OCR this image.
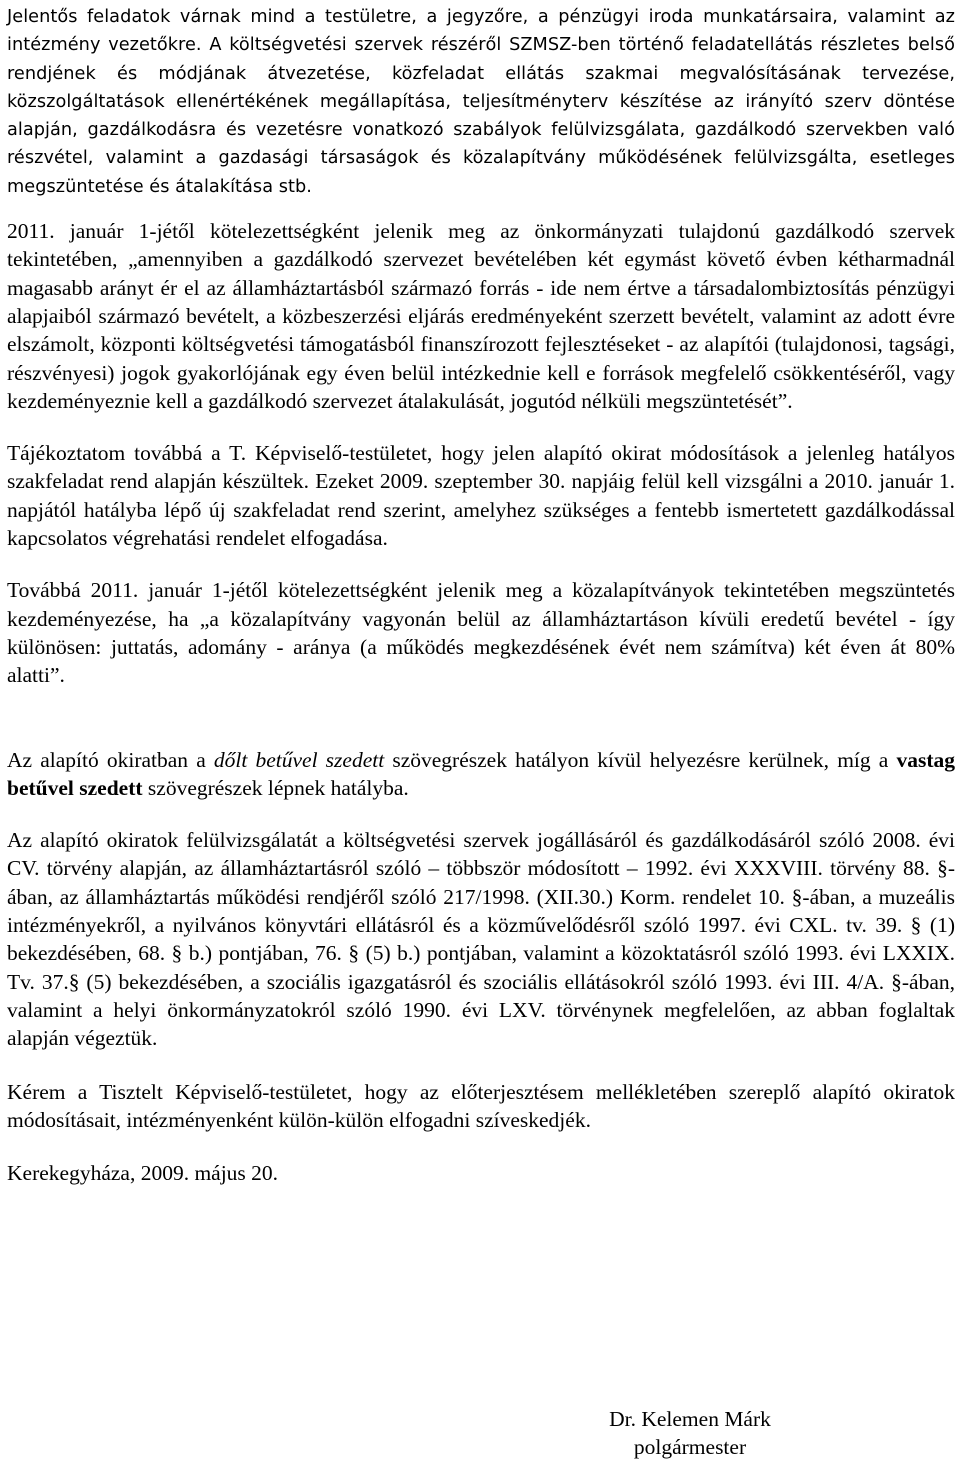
Jelentős feladatok várnak mind a testületre, a jegyzőre, a pénzügyi iroda munkatársaira, valamint az intézmény vezetőkre. A költségvetési szervek részéről SZMSZ-ben történő feladatellátás részletes belső rendjének és módjának átvezetése, közfeladat ellátás szakmai megvalósításának tervezése, közszolgáltatások ellenértékének megállapítása, teljesítményterv készítése az irányító szerv döntése alapján, gazdálkodásra és vezetésre vonatkozó szabályok felülvizsgálata, gazdálkodó szervekben való részvétel, valamint a gazdasági társaságok és közalapítvány működésének felülvizsgálta, esetleges megszüntetése és átalakítása stb.

2011. január 1-jétől kötelezettségként jelenik meg az önkormányzati tulajdonú gazdálkodó szervek tekintetében, „amennyiben a gazdálkodó szervezet bevételében két egymást követő évben kétharmadnál magasabb arányt ér el az államháztartásból származó forrás - ide nem értve a társadalombiztosítás pénzügyi alapjaiból származó bevételt, a közbeszerzési eljárás eredményeként szerzett bevételt, valamint az adott évre elszámolt, központi költségvetési támogatásból finanszírozott fejlesztéseket - az alapítói (tulajdonosi, tagsági, részvényesi) jogok gyakorlójának egy éven belül intézkednie kell e források megfelelő csökkentéséről, vagy kezdeményeznie kell a gazdálkodó szervezet átalakulását, jogutód nélküli megszüntetését”.

Tájékoztatom továbbá a T. Képviselő-testületet, hogy jelen alapító okirat módosítások a jelenleg hatályos szakfeladat rend alapján készültek. Ezeket 2009. szeptember 30. napjáig felül kell vizsgálni a 2010. január 1. napjától hatályba lépő új szakfeladat rend szerint, amelyhez szükséges a fentebb ismertetett gazdálkodással kapcsolatos végrehatási rendelet elfogadása.

Továbbá 2011. január 1-jétől kötelezettségként jelenik meg a közalapítványok tekintetében megszüntetés kezdeményezése, ha „a közalapítvány vagyonán belül az államháztartáson kívüli eredetű bevétel - így különösen: juttatás, adomány - aránya (a működés megkezdésének évét nem számítva) két éven át 80% alatti”.

Az alapító okiratban a dőlt betűvel szedett szövegrészek hatályon kívül helyezésre kerülnek, míg a vastag betűvel szedett szövegrészek lépnek hatályba.

Az alapító okiratok felülvizsgálatát a költségvetési szervek jogállásáról és gazdálkodásáról szóló 2008. évi CV. törvény alapján, az államháztartásról szóló – többször módosított – 1992. évi XXXVIII. törvény 88. §-ában, az államháztartás működési rendjéről szóló 217/1998. (XII.30.) Korm. rendelet 10. §-ában, a muzeális intézményekről, a nyilvános könyvtári ellátásról és a közművelődésről szóló 1997. évi CXL. tv. 39. § (1) bekezdésében, 68. § b.) pontjában, 76. § (5) b.) pontjában, valamint a közoktatásról szóló 1993. évi LXXIX. Tv. 37.§ (5) bekezdésében, a szociális igazgatásról és szociális ellátásokról szóló 1993. évi III. 4/A. §-ában, valamint a helyi önkormányzatokról szóló 1990. évi LXV. törvénynek megfelelően, az abban foglaltak alapján végeztük.

Kérem a Tisztelt Képviselő-testületet, hogy az előterjesztésem mellékletében szereplő alapító okiratok módosításait, intézményenként külön-külön elfogadni szíveskedjék.

Kerekegyháza, 2009. május 20.

Dr. Kelemen Márk
polgármester
